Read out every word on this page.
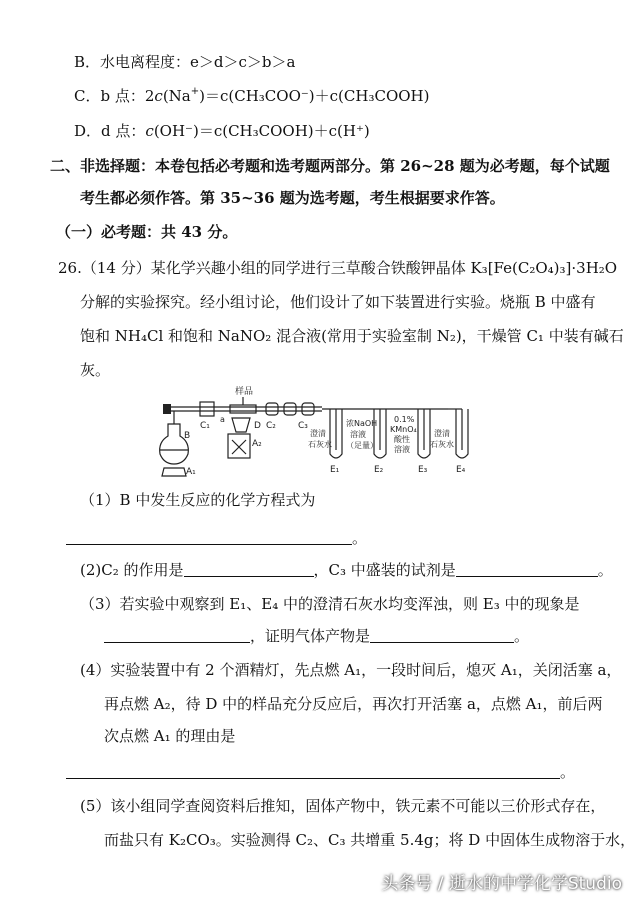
B．水电离程度：e＞d＞c＞b＞a
C．b 点：2c(Na+)＝c(CH₃COO⁻)＋c(CH₃COOH)
D．d 点：c(OH⁻)＝c(CH₃COOH)＋c(H⁺)
二、非选择题：本卷包括必考题和选考题两部分。第 26~28 题为必考题，每个试题
考生都必须作答。第 35~36 题为选考题，考生根据要求作答。
（一）必考题：共 43 分。
26.（14 分）某化学兴趣小组的同学进行三草酸合铁酸钾晶体 K₃[Fe(C₂O₄)₃]·3H₂O
分解的实验探究。经小组讨论，他们设计了如下装置进行实验。烧瓶 B 中盛有
饱和 NH₄Cl 和饱和 NaNO₂ 混合液(常用于实验室制 N₂)，干燥管 C₁ 中装有碱石
灰。
样品
B
A₁
C₁
a
D
A₂
C₂ C₃
澄清
石灰水
浓NaOH
溶液
（足量）
0.1%
KMnO₄
酸性
溶液
澄清
石灰水
E₁	E₂	E₃	E₄
（1）B 中发生反应的化学方程式为
。
(2)C₂ 的作用是	，C₃ 中盛装的试剂是	。
（3）若实验中观察到 E₁、E₄ 中的澄清石灰水均变浑浊，则 E₃ 中的现象是
，证明气体产物是	。
(4）实验装置中有 2 个酒精灯，先点燃 A₁，一段时间后，熄灭 A₁，关闭活塞 a，
再点燃 A₂，待 D 中的样品充分反应后，再次打开活塞 a，点燃 A₁，前后两
次点燃 A₁ 的理由是
。
(5）该小组同学查阅资料后推知，固体产物中，铁元素不可能以三价形式存在，
而盐只有 K₂CO₃。实验测得 C₂、C₃ 共增重 5.4g；将 D 中固体生成物溶于水，
头条号 / 逝水的中学化学Studio
